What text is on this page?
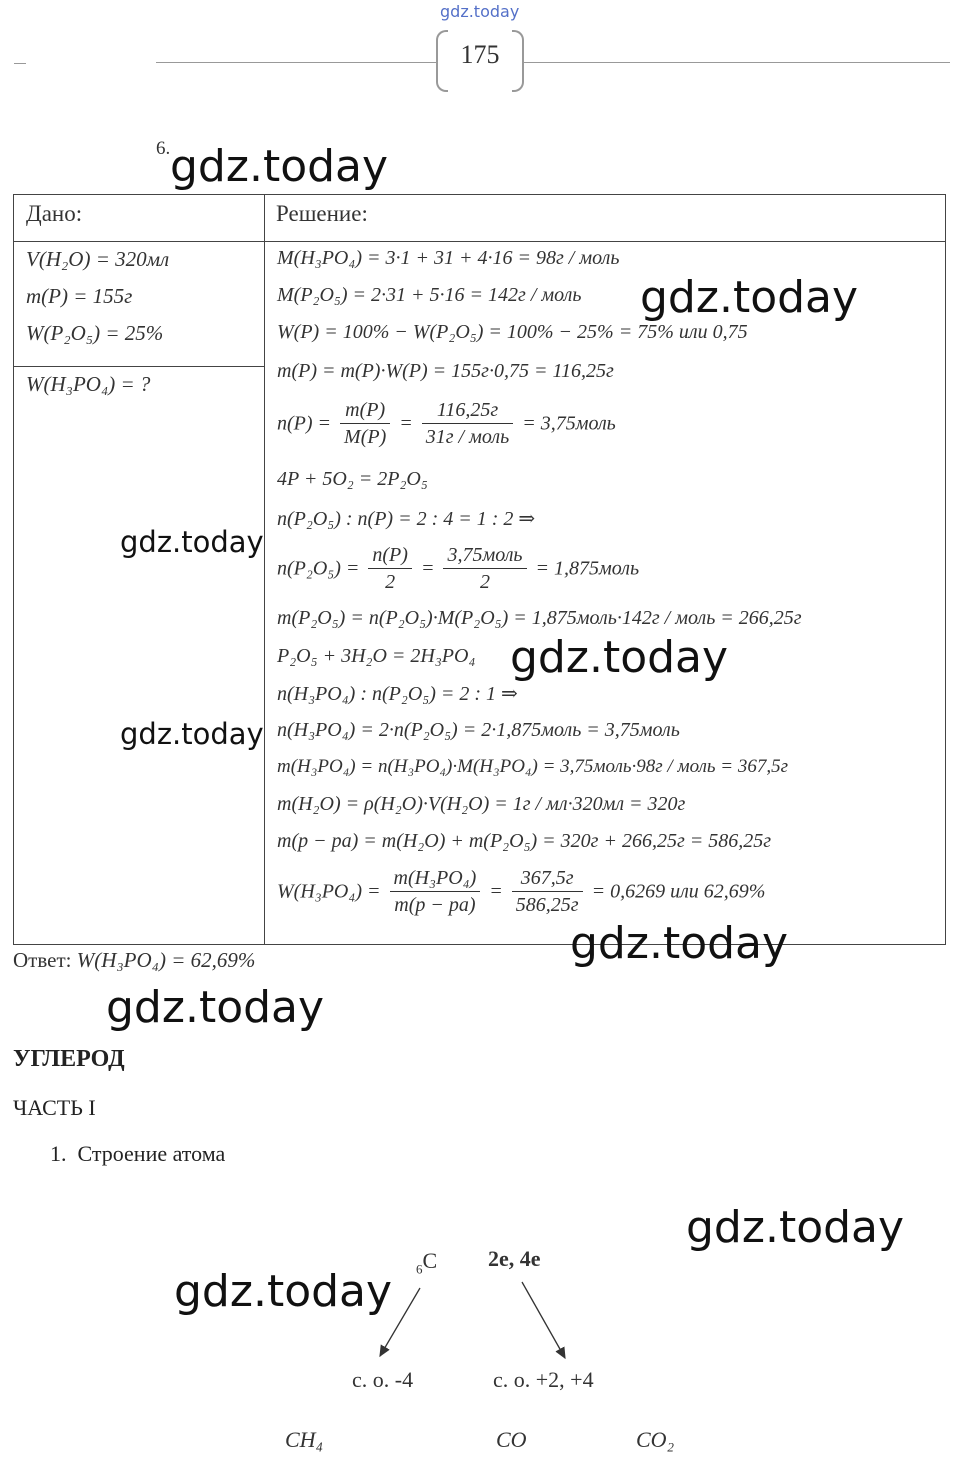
gdz.today
175
6.
Дано:	Решение:
V(H₂O) = 320мл
m(P) = 155г
W(P₂O₅) = 25%
W(H₃PO₄) = ?
M(H₃PO₄) = 3·1 + 31 + 4·16 = 98г / моль
M(P₂O₅) = 2·31 + 5·16 = 142г / моль
W(P) = 100% − W(P₂O₅) = 100% − 25% = 75% или 0,75
m(P) = m(P)·W(P) = 155г·0,75 = 116,25г
$n(P) = \frac{m(P)}{M(P)} = \frac{116,25г}{\text{31г / моль}}$ = 3,75моль
4P + 5O₂ = 2P₂O₅
n(P₂O₅) : n(P) = 2 : 4 = 1 : 2 ⇒
$n(P_2O_5) = \frac{n(P)}{2} = \frac{\text{3,75моль}}{2}$ = 1,875моль
m(P₂O₅) = n(P₂O₅)·M(P₂O₅) = 1,875моль·142г / моль = 266,25г
P₂O₅ + 3H₂O = 2H₃PO₄
n(H₃PO₄) : n(P₂O₅) = 2 : 1 ⇒
n(H₃PO₄) = 2·n(P₂O₅) = 2·1,875моль = 3,75моль
m(H₃PO₄) = n(H₃PO₄)·M(H₃PO₄) = 3,75моль·98г / моль = 367,5г
m(H₂O) = ρ(H₂O)·V(H₂O) = 1г / мл·320мл = 320г
m(p − pa) = m(H₂O) + m(P₂O₅) = 320г + 266,25г = 586,25г
$W(H_3PO_4) = \frac{\text{m(H₃PO₄)}}{m(p - pa)} = \frac{367,5г}{586,25г} = 0,6269$ или 62,69%
Ответ: W(H₃PO₄) = 62,69%
УГЛЕРОД
ЧАСТЬ I
1. Строение атома
$_6$C 2e, 4e
с. о. -4	с. о. +2, +4
CH₄	CO	CO₂
gdz.today
gdz.today
gdz.today
gdz.today
gdz.today
gdz.today
gdz.today
gdz.today
gdz.today
